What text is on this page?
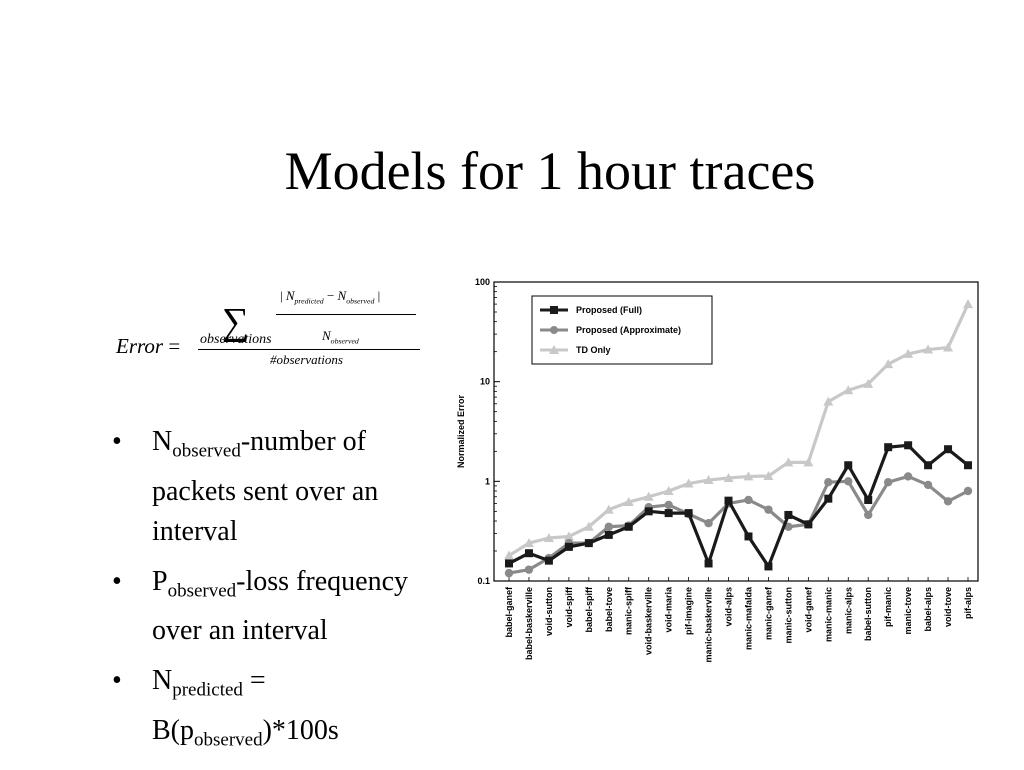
Models for 1 hour traces
Error =
∑
observations
| $N_{predicted} - N_{observed}$ |
$N_{observed}$
#observations
• $N_{observed}$-number of packets sent over an interval
• $P_{observed}$-loss frequency over an interval
• $N_{predicted} = B(p_{observed})*100s$
0.1
1
10
100
Normalized Error
babel-ganef babel-baskerville void-sutton void-spiff babel-spiff babel-tove manic-spiff void-baskerville void-maria pif-imagine manic-baskerville void-alps manic-mafalda manic-ganef manic-sutton void-ganef manic-manic manic-alps babel-sutton pif-manic manic-tove babel-alps void-tove pif-alps
Proposed (Full)
Proposed (Approximate)
TD Only
